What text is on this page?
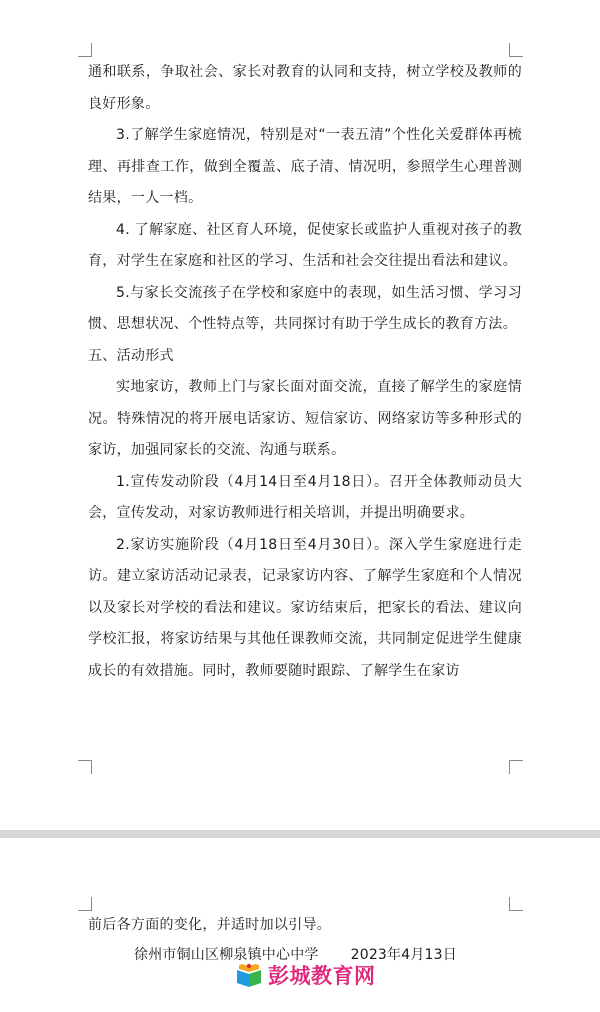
通和联系，争取社会、家长对教育的认同和支持，树立学校及教师的良好形象。

3.了解学生家庭情况，特别是对“一表五清”个性化关爱群体再梳理、再排查工作，做到全覆盖、底子清、情况明，参照学生心理普测结果，一人一档。

4. 了解家庭、社区育人环境，促使家长或监护人重视对孩子的教育，对学生在家庭和社区的学习、生活和社会交往提出看法和建议。

5.与家长交流孩子在学校和家庭中的表现，如生活习惯、学习习惯、思想状况、个性特点等，共同探讨有助于学生成长的教育方法。

五、活动形式

实地家访，教师上门与家长面对面交流，直接了解学生的家庭情况。特殊情况的将开展电话家访、短信家访、网络家访等多种形式的家访，加强同家长的交流、沟通与联系。

1.宣传发动阶段（4月14日至4月18日）。召开全体教师动员大会，宣传发动，对家访教师进行相关培训，并提出明确要求。

2.家访实施阶段（4月18日至4月30日）。深入学生家庭进行走访。建立家访活动记录表，记录家访内容、了解学生家庭和个人情况以及家长对学校的看法和建议。家访结束后，把家长的看法、建议向学校汇报，将家访结果与其他任课教师交流，共同制定促进学生健康成长的有效措施。同时，教师要随时跟踪、了解学生在家访

前后各方面的变化，并适时加以引导。

徐州市铜山区柳泉镇中心中学 2023年4月13日
彭城教育网
